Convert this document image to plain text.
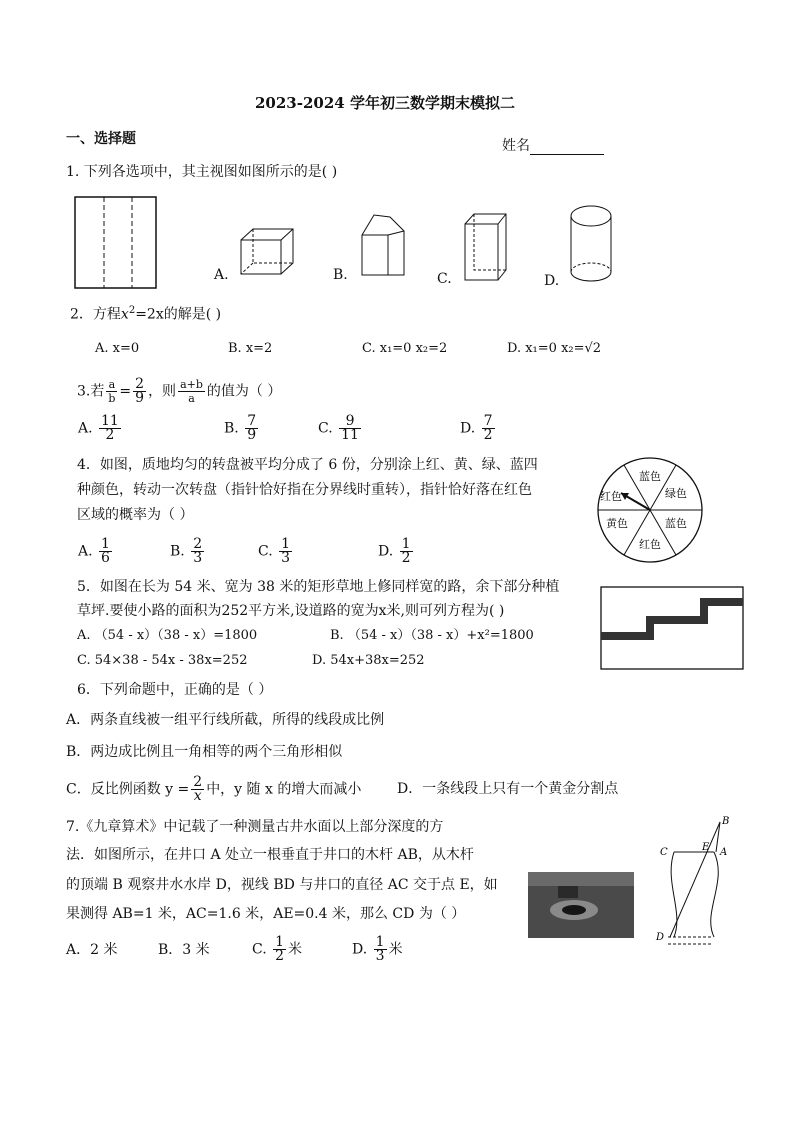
2023-2024 学年初三数学期末模拟二
一、选择题	姓名
1. 下列各选项中，其主视图如图所示的是( )
A.	B.	C.	D.
2．方程$x^2=2x$的解是( )
A. x=0	B. x=2	C. x₁=0 x₂=2	D. x₁=0 x₂=√2
3.若 $\frac{a}{b} = \frac{2}{9}$ ，则 $\frac{a+b}{a}$ 的值为（ ）
A. $\frac{11}{2}$	B. $\frac{7}{9}$	C. $\frac{9}{11}$	D. $\frac{7}{2}$
4．如图，质地均匀的转盘被平均分成了 6 份，分别涂上红、黄、绿、蓝四
种颜色，转动一次转盘（指针恰好指在分界线时重转），指针恰好落在红色
区域的概率为（ ）
A. $\frac{1}{6}$	B. $\frac{2}{3}$	C. $\frac{1}{3}$	D. $\frac{1}{2}$
蓝色
绿色
蓝色
红色
黄色
红色
5．如图在长为 54 米、宽为 38 米的矩形草地上修同样宽的路，余下部分种植
草坪.要使小路的面积为252平方米,设道路的宽为x米,则可列方程为( )
A. （54 - x）（38 - x）=1800	B. （54 - x）（38 - x）+x²=1800
C. 54×38 - 54x - 38x=252	D. 54x+38x=252
6．下列命题中，正确的是（ ）
A．两条直线被一组平行线所截，所得的线段成比例
B．两边成比例且一角相等的两个三角形相似
C．反比例函数 $y = \frac{2}{x}$ 中，y 随 x 的增大而减小	D．一条线段上只有一个黄金分割点
7.《九章算术》中记载了一种测量古井水面以上部分深度的方
法．如图所示，在井口 A 处立一根垂直于井口的木杆 AB，从木杆
的顶端 B 观察井水水岸 D，视线 BD 与井口的直径 AC 交于点 E，如
果测得 AB=1 米，AC=1.6 米，AE=0.4 米，那么 CD 为（ ）
A．2 米	B．3 米	C. $\frac{1}{2}$ 米	D. $\frac{1}{3}$ 米
B
C	E A
D
